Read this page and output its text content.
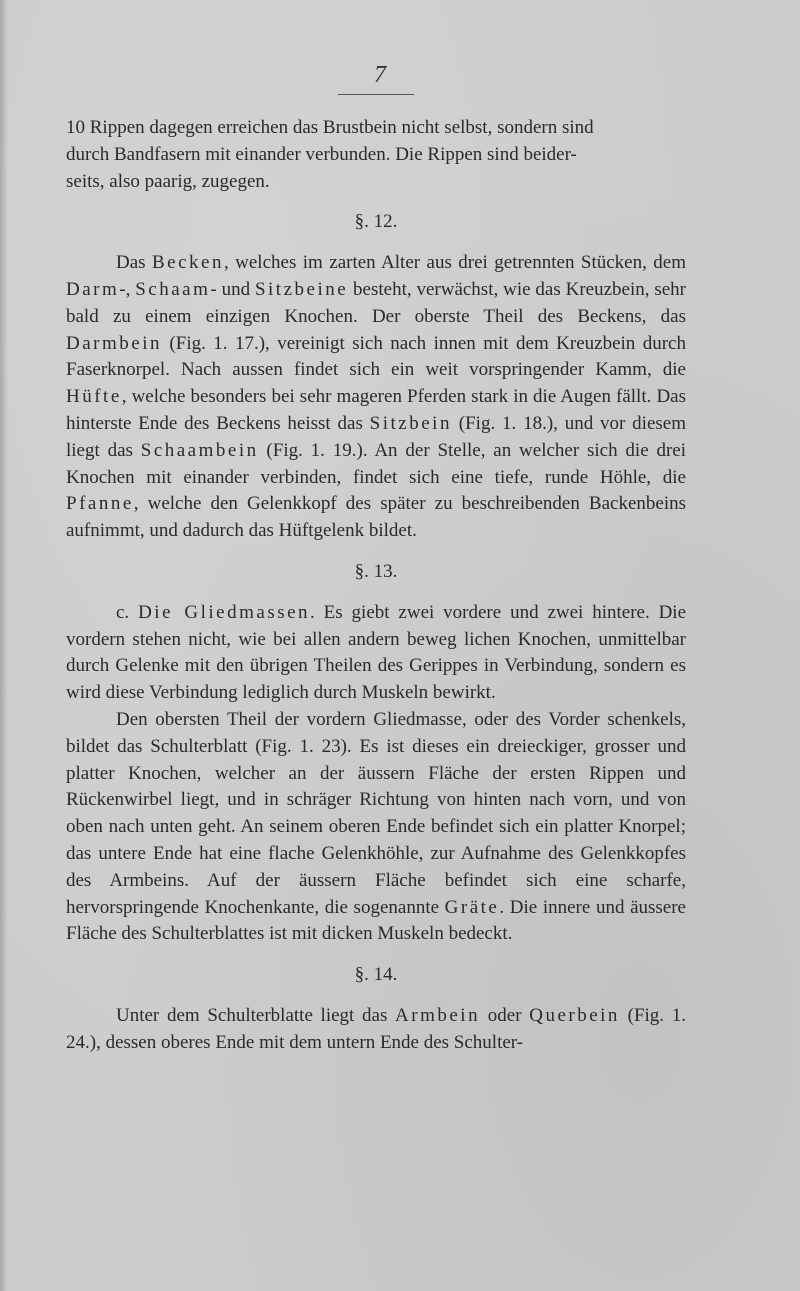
7

10 Rippen dagegen erreichen das Brustbein nicht selbst, sondern sind
durch Bandfasern mit einander verbunden. Die Rippen sind beider-
seits, also paarig, zugegen.

§. 12.

Das Becken, welches im zarten Alter aus drei getrennten Stücken, dem Darm-, Schaam- und Sitzbeine besteht, verwächst, wie das Kreuzbein, sehr bald zu einem einzigen Knochen. Der oberste Theil des Beckens, das Darmbein (Fig. 1. 17.), vereinigt sich nach innen mit dem Kreuzbein durch Faserknorpel. Nach aussen findet sich ein weit vorspringender Kamm, die Hüfte, welche besonders bei sehr mageren Pferden stark in die Augen fällt. Das hinterste Ende des Beckens heisst das Sitzbein (Fig. 1. 18.), und vor diesem liegt das Schaambein (Fig. 1. 19.). An der Stelle, an welcher sich die drei Knochen mit einander verbinden, findet sich eine tiefe, runde Höhle, die Pfanne, welche den Gelenkkopf des später zu beschreibenden Backenbeins aufnimmt, und dadurch das Hüftgelenk bildet.

§. 13.

c. Die Gliedmassen. Es giebt zwei vordere und zwei hintere. Die vordern stehen nicht, wie bei allen andern beweg lichen Knochen, unmittelbar durch Gelenke mit den übrigen Theilen des Gerippes in Verbindung, sondern es wird diese Verbindung lediglich durch Muskeln bewirkt.

Den obersten Theil der vordern Gliedmasse, oder des Vorder schenkels, bildet das Schulterblatt (Fig. 1. 23). Es ist dieses ein dreieckiger, grosser und platter Knochen, welcher an der äussern Fläche der ersten Rippen und Rückenwirbel liegt, und in schräger Richtung von hinten nach vorn, und von oben nach unten geht. An seinem oberen Ende befindet sich ein platter Knorpel; das untere Ende hat eine flache Gelenkhöhle, zur Aufnahme des Gelenkkopfes des Armbeins. Auf der äussern Fläche befindet sich eine scharfe, hervorspringende Knochenkante, die sogenannte Gräte. Die innere und äussere Fläche des Schulterblattes ist mit dicken Muskeln bedeckt.

§. 14.

Unter dem Schulterblatte liegt das Armbein oder Querbein (Fig. 1. 24.), dessen oberes Ende mit dem untern Ende des Schulter-
